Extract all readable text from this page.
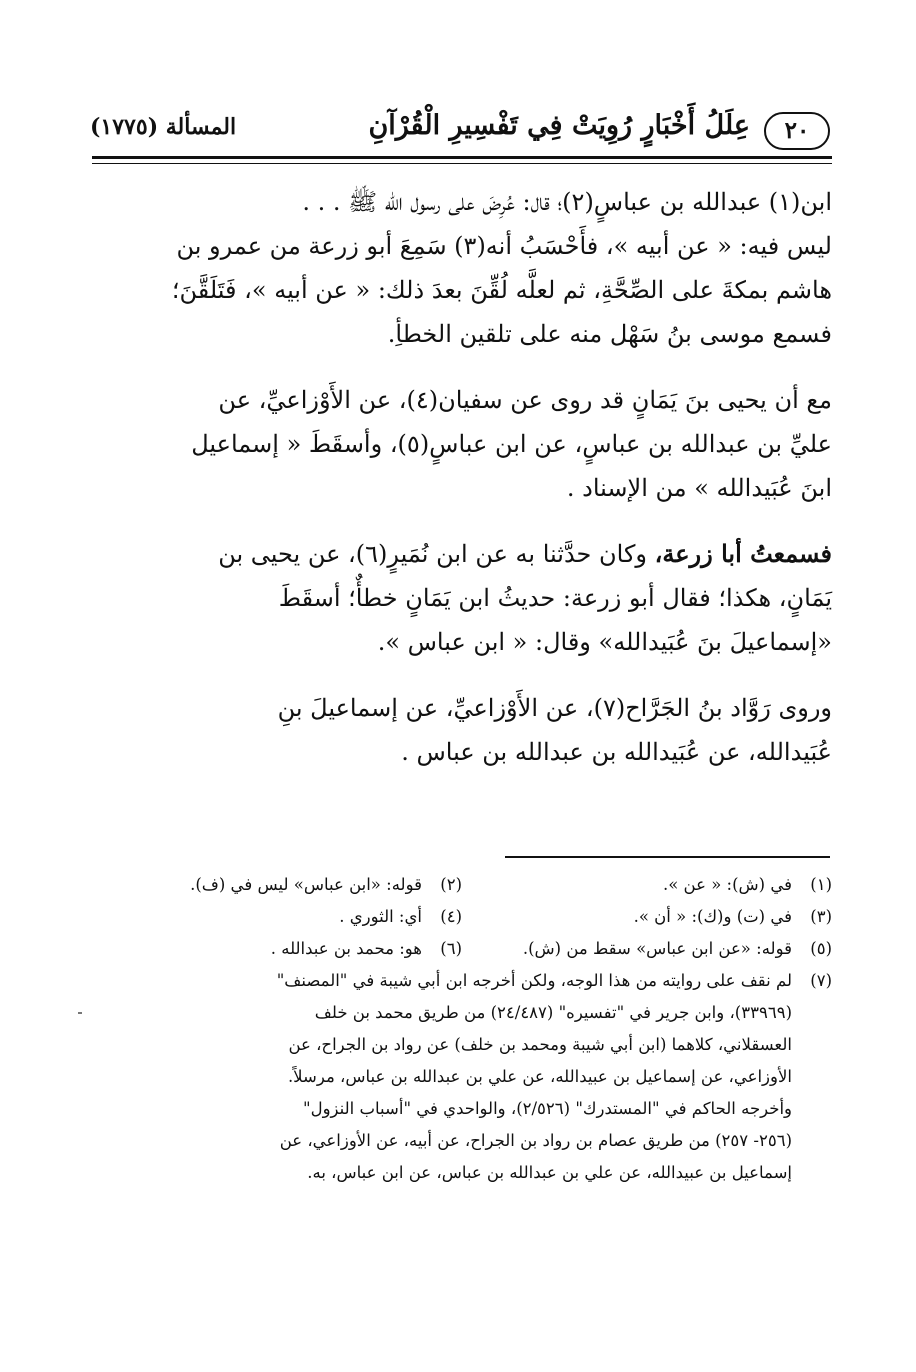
٢٠
عِلَلُ أَخْبَارٍ رُوِيَتْ فِي تَفْسِيرِ الْقُرْآنِ
المسألة (١٧٧٥)
ابن(١) عبدالله بن عباسٍ(٢)؛ قال: عُرِضَ على رسول الله ﷺ . . .
ليس فيه: « عن أبيه »، فأَحْسَبُ أنه(٣) سَمِعَ أبو زرعة من عمرو بن
هاشم بمكةَ على الصِّحَّةِ، ثم لعلَّه لُقِّنَ بعدَ ذلك: « عن أبيه »، فَتَلَقَّنَ؛
فسمع موسى بنُ سَهْل منه على تلقين الخطأِ.
مع أن يحيى بنَ يَمَانٍ قد روى عن سفيان(٤)، عن الأَوْزاعيِّ، عن
عليِّ بن عبدالله بن عباسٍ، عن ابن عباسٍ(٥)، وأسقَطَ « إسماعيل
ابنَ عُبَيدالله » من الإسناد .
فسمعتُ أبا زرعة، وكان حدَّثنا به عن ابن نُمَيرٍ(٦)، عن يحيى بن
يَمَانٍ، هكذا؛ فقال أبو زرعة: حديثُ ابن يَمَانٍ خطأٌ؛ أسقَطَ
«إسماعيلَ بنَ عُبَيدالله» وقال: « ابن عباس ».
وروى رَوَّاد بنُ الجَرَّاح(٧)، عن الأَوْزاعيِّ، عن إسماعيلَ بنِ
عُبَيدالله، عن عُبَيدالله بن عبدالله بن عباس .
(١)في (ش): « عن ».
(٢)قوله: «ابن عباس» ليس في (ف).
(٣)في (ت) و(ك): « أن ».
(٤)أي: الثوري .
(٥)قوله: «عن ابن عباس» سقط من (ش).
(٦)هو: محمد بن عبدالله .
(٧)
لم نقف على روايته من هذا الوجه، ولكن أخرجه ابن أبي شيبة في "المصنف"
(٣٣٩٦٩)، وابن جرير في "تفسيره" (٢٤/٤٨٧) من طريق محمد بن خلف
العسقلاني، كلاهما (ابن أبي شيبة ومحمد بن خلف) عن رواد بن الجراح، عن
الأوزاعي، عن إسماعيل بن عبيدالله، عن علي بن عبدالله بن عباس، مرسلاً.
وأخرجه الحاكم في "المستدرك" (٢/٥٢٦)، والواحدي في "أسباب النزول"
(٢٥٦- ٢٥٧) من طريق عصام بن رواد بن الجراح، عن أبيه، عن الأوزاعي، عن
إسماعيل بن عبيدالله، عن علي بن عبدالله بن عباس، عن ابن عباس، به.
